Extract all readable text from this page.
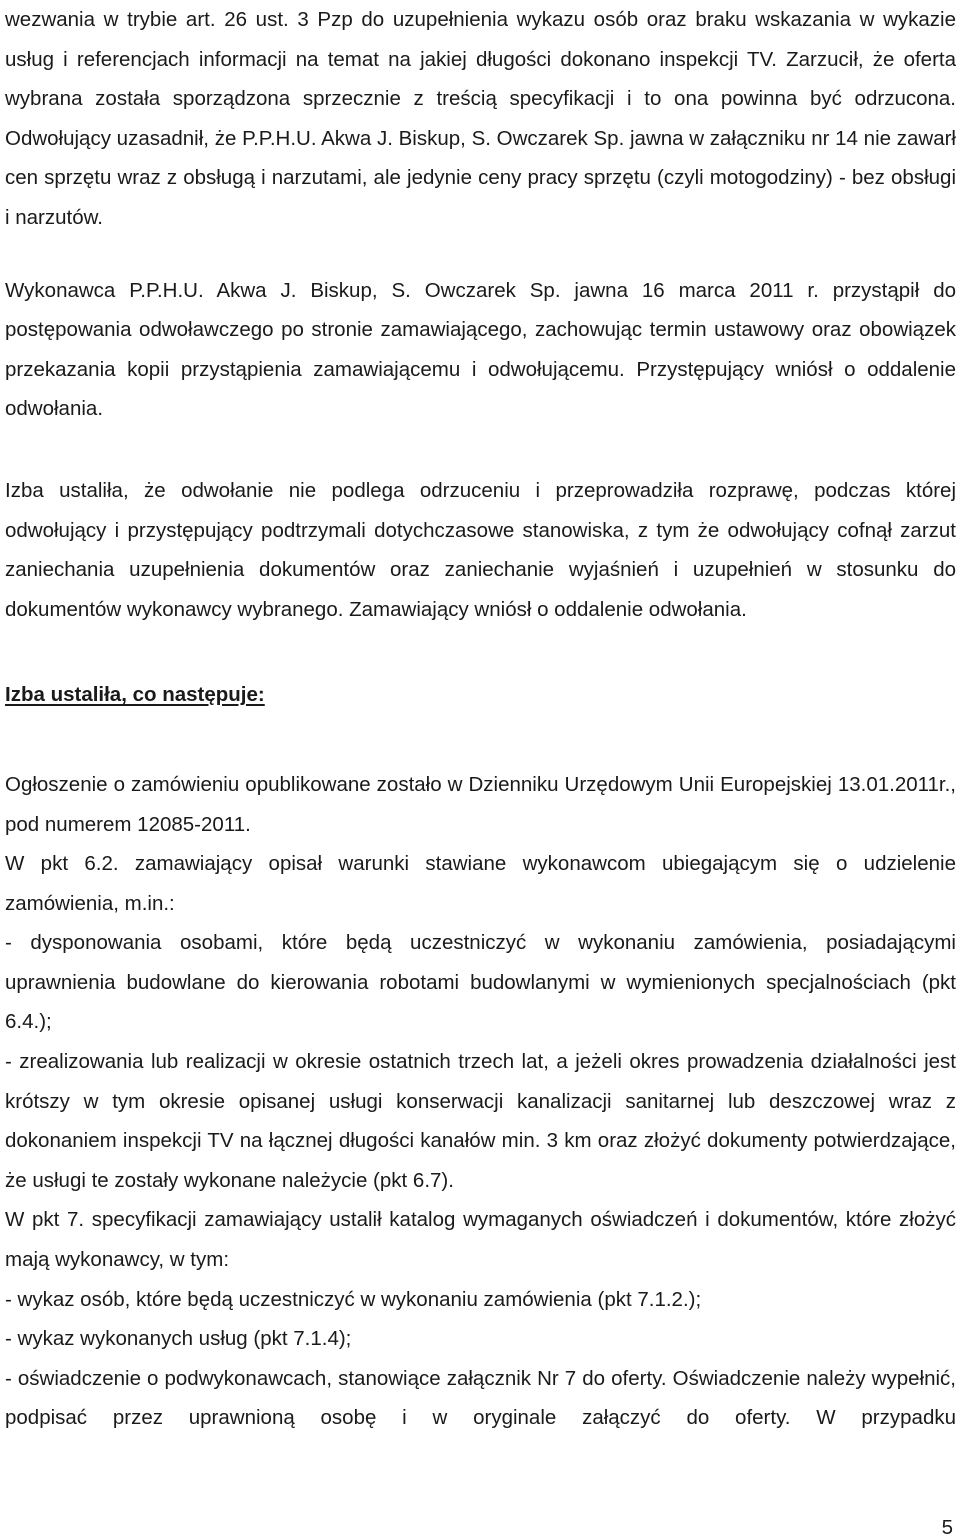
wezwania w trybie art. 26 ust. 3 Pzp do uzupełnienia wykazu osób oraz braku wskazania w wykazie usług i referencjach informacji na temat na jakiej długości dokonano inspekcji TV. Zarzucił, że oferta wybrana została sporządzona sprzecznie z treścią specyfikacji i to ona powinna być odrzucona. Odwołujący uzasadnił, że P.P.H.U. Akwa J. Biskup, S. Owczarek Sp. jawna w załączniku nr 14 nie zawarł cen sprzętu wraz z obsługą i narzutami, ale jedynie ceny pracy sprzętu (czyli motogodziny) - bez obsługi i narzutów.

Wykonawca P.P.H.U. Akwa J. Biskup, S. Owczarek Sp. jawna 16 marca 2011 r. przystąpił do postępowania odwoławczego po stronie zamawiającego, zachowując termin ustawowy oraz obowiązek przekazania kopii przystąpienia zamawiającemu i odwołującemu. Przystępujący wniósł o oddalenie odwołania.

Izba ustaliła, że odwołanie nie podlega odrzuceniu i przeprowadziła rozprawę, podczas której odwołujący i przystępujący podtrzymali dotychczasowe stanowiska, z tym że odwołujący cofnął zarzut zaniechania uzupełnienia dokumentów oraz zaniechanie wyjaśnień i uzupełnień w stosunku do dokumentów wykonawcy wybranego. Zamawiający wniósł o oddalenie odwołania.

Izba ustaliła, co następuje:

Ogłoszenie o zamówieniu opublikowane zostało w Dzienniku Urzędowym Unii Europejskiej 13.01.2011r., pod numerem 12085-2011.

W pkt 6.2. zamawiający opisał warunki stawiane wykonawcom ubiegającym się o udzielenie zamówienia, m.in.:

- dysponowania osobami, które będą uczestniczyć w wykonaniu zamówienia, posiadającymi uprawnienia budowlane do kierowania robotami budowlanymi w wymienionych specjalnościach (pkt 6.4.);

- zrealizowania lub realizacji w okresie ostatnich trzech lat, a jeżeli okres prowadzenia działalności jest krótszy w tym okresie opisanej usługi konserwacji kanalizacji sanitarnej lub deszczowej wraz z dokonaniem inspekcji TV na łącznej długości kanałów min. 3 km oraz złożyć dokumenty potwierdzające, że usługi te zostały wykonane należycie (pkt 6.7).

W pkt 7. specyfikacji zamawiający ustalił katalog wymaganych oświadczeń i dokumentów, które złożyć mają wykonawcy, w tym:

- wykaz osób, które będą uczestniczyć w wykonaniu zamówienia (pkt 7.1.2.);

- wykaz wykonanych usług (pkt 7.1.4);

- oświadczenie o podwykonawcach, stanowiące załącznik Nr 7 do oferty. Oświadczenie należy wypełnić, podpisać przez uprawnioną osobę i w oryginale załączyć do oferty. W przypadku

5
